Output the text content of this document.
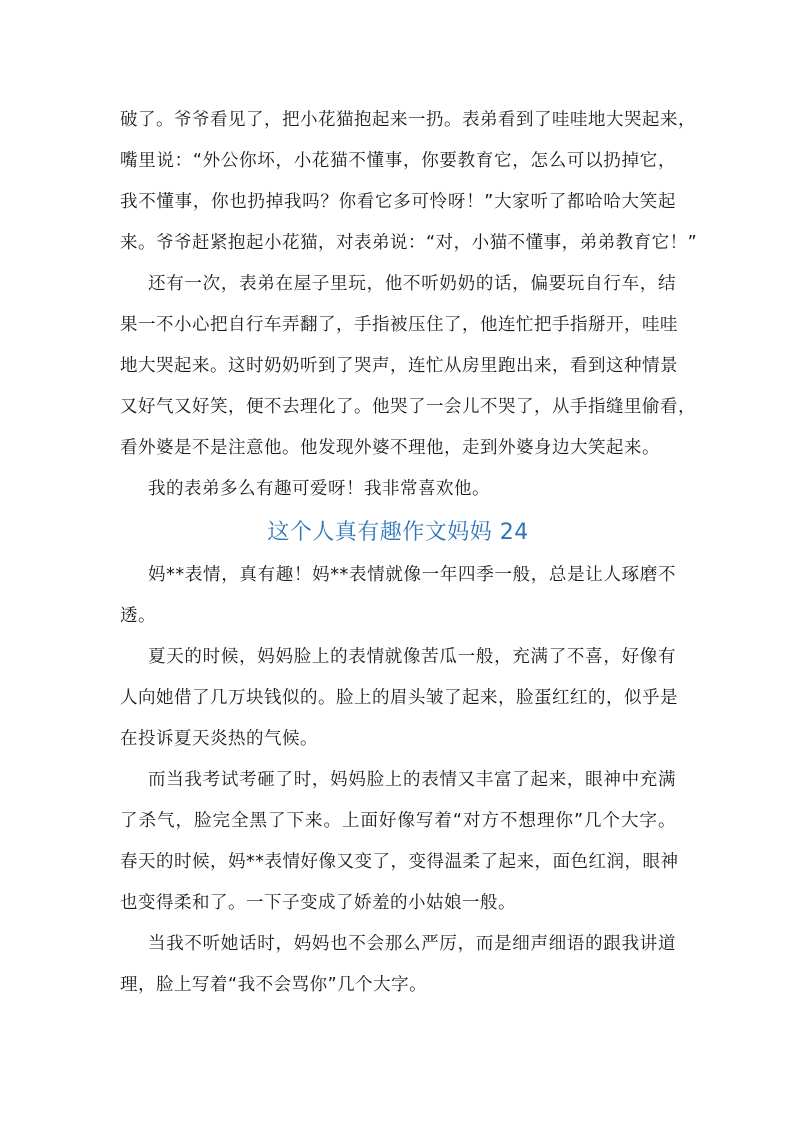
破了。爷爷看见了，把小花猫抱起来一扔。表弟看到了哇哇地大哭起来，
嘴里说：“外公你坏，小花猫不懂事，你要教育它，怎么可以扔掉它，
我不懂事，你也扔掉我吗？你看它多可怜呀！”大家听了都哈哈大笑起
来。爷爷赶紧抱起小花猫，对表弟说：“对，小猫不懂事，弟弟教育它！”
还有一次，表弟在屋子里玩，他不听奶奶的话，偏要玩自行车，结
果一不小心把自行车弄翻了，手指被压住了，他连忙把手指掰开，哇哇
地大哭起来。这时奶奶听到了哭声，连忙从房里跑出来，看到这种情景
又好气又好笑，便不去理化了。他哭了一会儿不哭了，从手指缝里偷看，
看外婆是不是注意他。他发现外婆不理他，走到外婆身边大笑起来。
我的表弟多么有趣可爱呀！我非常喜欢他。
这个人真有趣作文妈妈 24
妈**表情，真有趣！妈**表情就像一年四季一般，总是让人琢磨不
透。
夏天的时候，妈妈脸上的表情就像苦瓜一般，充满了不喜，好像有
人向她借了几万块钱似的。脸上的眉头皱了起来，脸蛋红红的，似乎是
在投诉夏天炎热的气候。
而当我考试考砸了时，妈妈脸上的表情又丰富了起来，眼神中充满
了杀气，脸完全黑了下来。上面好像写着“对方不想理你”几个大字。
春天的时候，妈**表情好像又变了，变得温柔了起来，面色红润，眼神
也变得柔和了。一下子变成了娇羞的小姑娘一般。
当我不听她话时，妈妈也不会那么严厉，而是细声细语的跟我讲道
理，脸上写着“我不会骂你”几个大字。
